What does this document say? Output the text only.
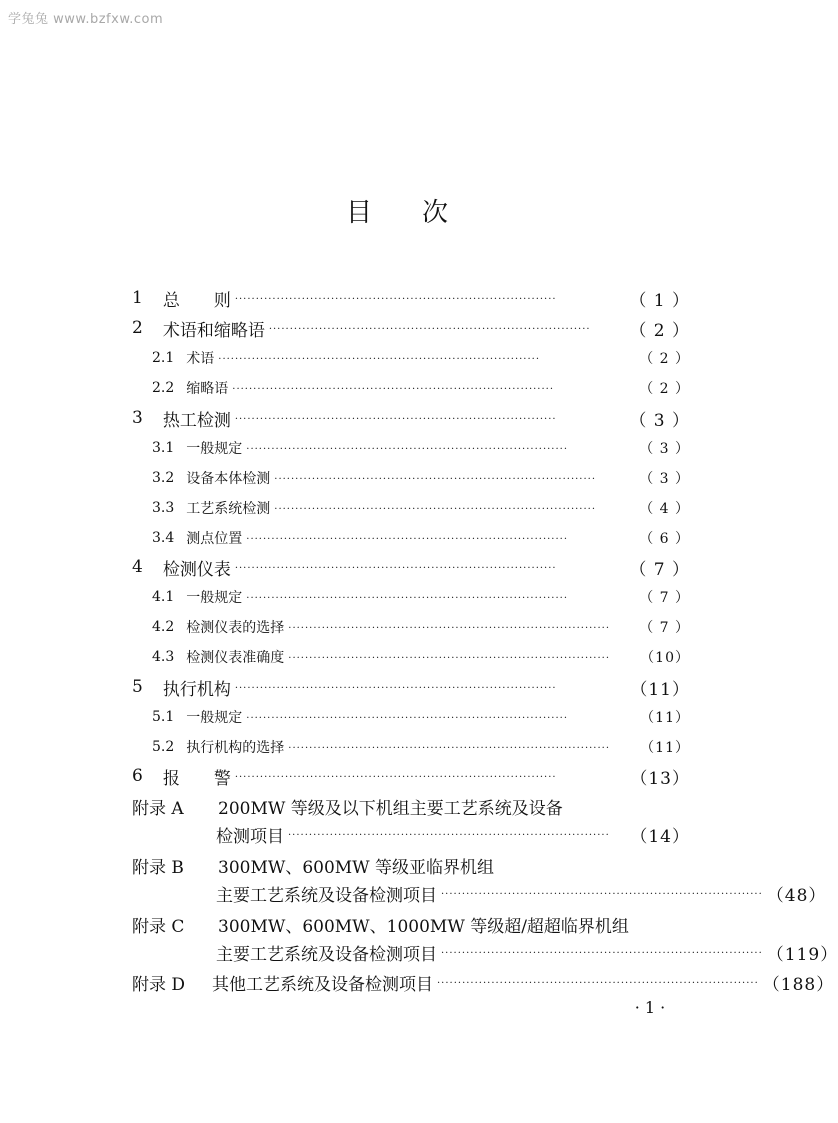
学兔兔 www.bzfxw.com
目次
1 总　　则 ·············································································	（ 1 ）
2 术语和缩略语 ·············································································	（ 2 ）
2.1 术语 ·············································································	（ 2 ）
2.2 缩略语 ·············································································	（ 2 ）
3 热工检测 ·············································································	（ 3 ）
3.1 一般规定 ·············································································	（ 3 ）
3.2 设备本体检测 ·············································································	（ 3 ）
3.3 工艺系统检测 ·············································································	（ 4 ）
3.4 测点位置 ·············································································	（ 6 ）
4 检测仪表 ·············································································	（ 7 ）
4.1 一般规定 ·············································································	（ 7 ）
4.2 检测仪表的选择 ·············································································	（ 7 ）
4.3 检测仪表准确度 ·············································································	（10）
5 执行机构 ·············································································	（11）
5.1 一般规定 ·············································································	（11）
5.2 执行机构的选择 ·············································································	（11）
6 报　　警 ·············································································	（13）
附录 A	200MW 等级及以下机组主要工艺系统及设备
检测项目 ·············································································	（14）
附录 B	300MW、600MW 等级亚临界机组
主要工艺系统及设备检测项目 ············································································· （48）
附录 C	300MW、600MW、1000MW 等级超/超超临界机组
主要工艺系统及设备检测项目 ············································································· （119）
附录 D	其他工艺系统及设备检测项目 ············································································· （188）
· 1 ·
